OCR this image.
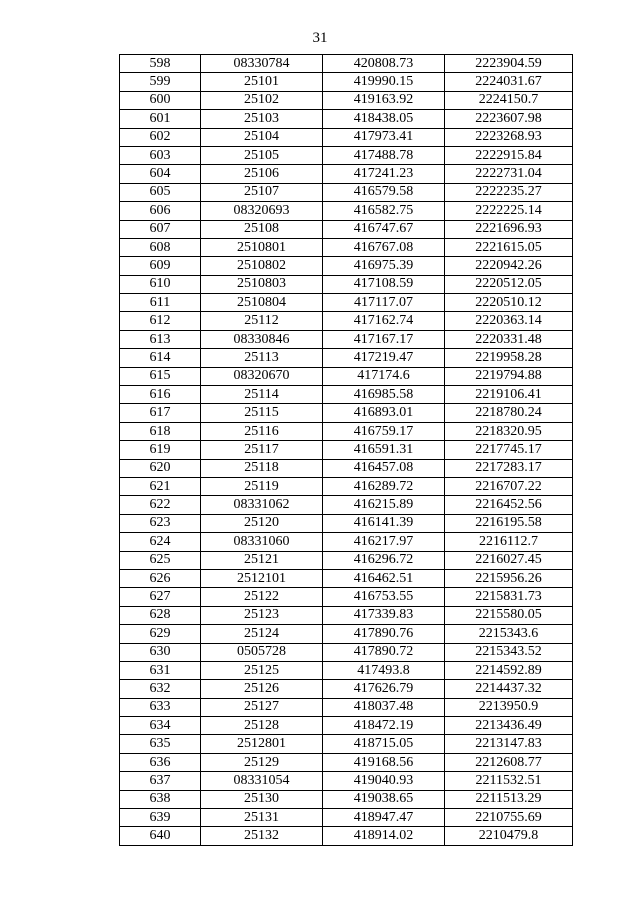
31
598	08330784	420808.73	2223904.59
599	25101	419990.15	2224031.67
600	25102	419163.92	2224150.7
601	25103	418438.05	2223607.98
602	25104	417973.41	2223268.93
603	25105	417488.78	2222915.84
604	25106	417241.23	2222731.04
605	25107	416579.58	2222235.27
606	08320693	416582.75	2222225.14
607	25108	416747.67	2221696.93
608	2510801	416767.08	2221615.05
609	2510802	416975.39	2220942.26
610	2510803	417108.59	2220512.05
611	2510804	417117.07	2220510.12
612	25112	417162.74	2220363.14
613	08330846	417167.17	2220331.48
614	25113	417219.47	2219958.28
615	08320670	417174.6	2219794.88
616	25114	416985.58	2219106.41
617	25115	416893.01	2218780.24
618	25116	416759.17	2218320.95
619	25117	416591.31	2217745.17
620	25118	416457.08	2217283.17
621	25119	416289.72	2216707.22
622	08331062	416215.89	2216452.56
623	25120	416141.39	2216195.58
624	08331060	416217.97	2216112.7
625	25121	416296.72	2216027.45
626	2512101	416462.51	2215956.26
627	25122	416753.55	2215831.73
628	25123	417339.83	2215580.05
629	25124	417890.76	2215343.6
630	0505728	417890.72	2215343.52
631	25125	417493.8	2214592.89
632	25126	417626.79	2214437.32
633	25127	418037.48	2213950.9
634	25128	418472.19	2213436.49
635	2512801	418715.05	2213147.83
636	25129	419168.56	2212608.77
637	08331054	419040.93	2211532.51
638	25130	419038.65	2211513.29
639	25131	418947.47	2210755.69
640	25132	418914.02	2210479.8
